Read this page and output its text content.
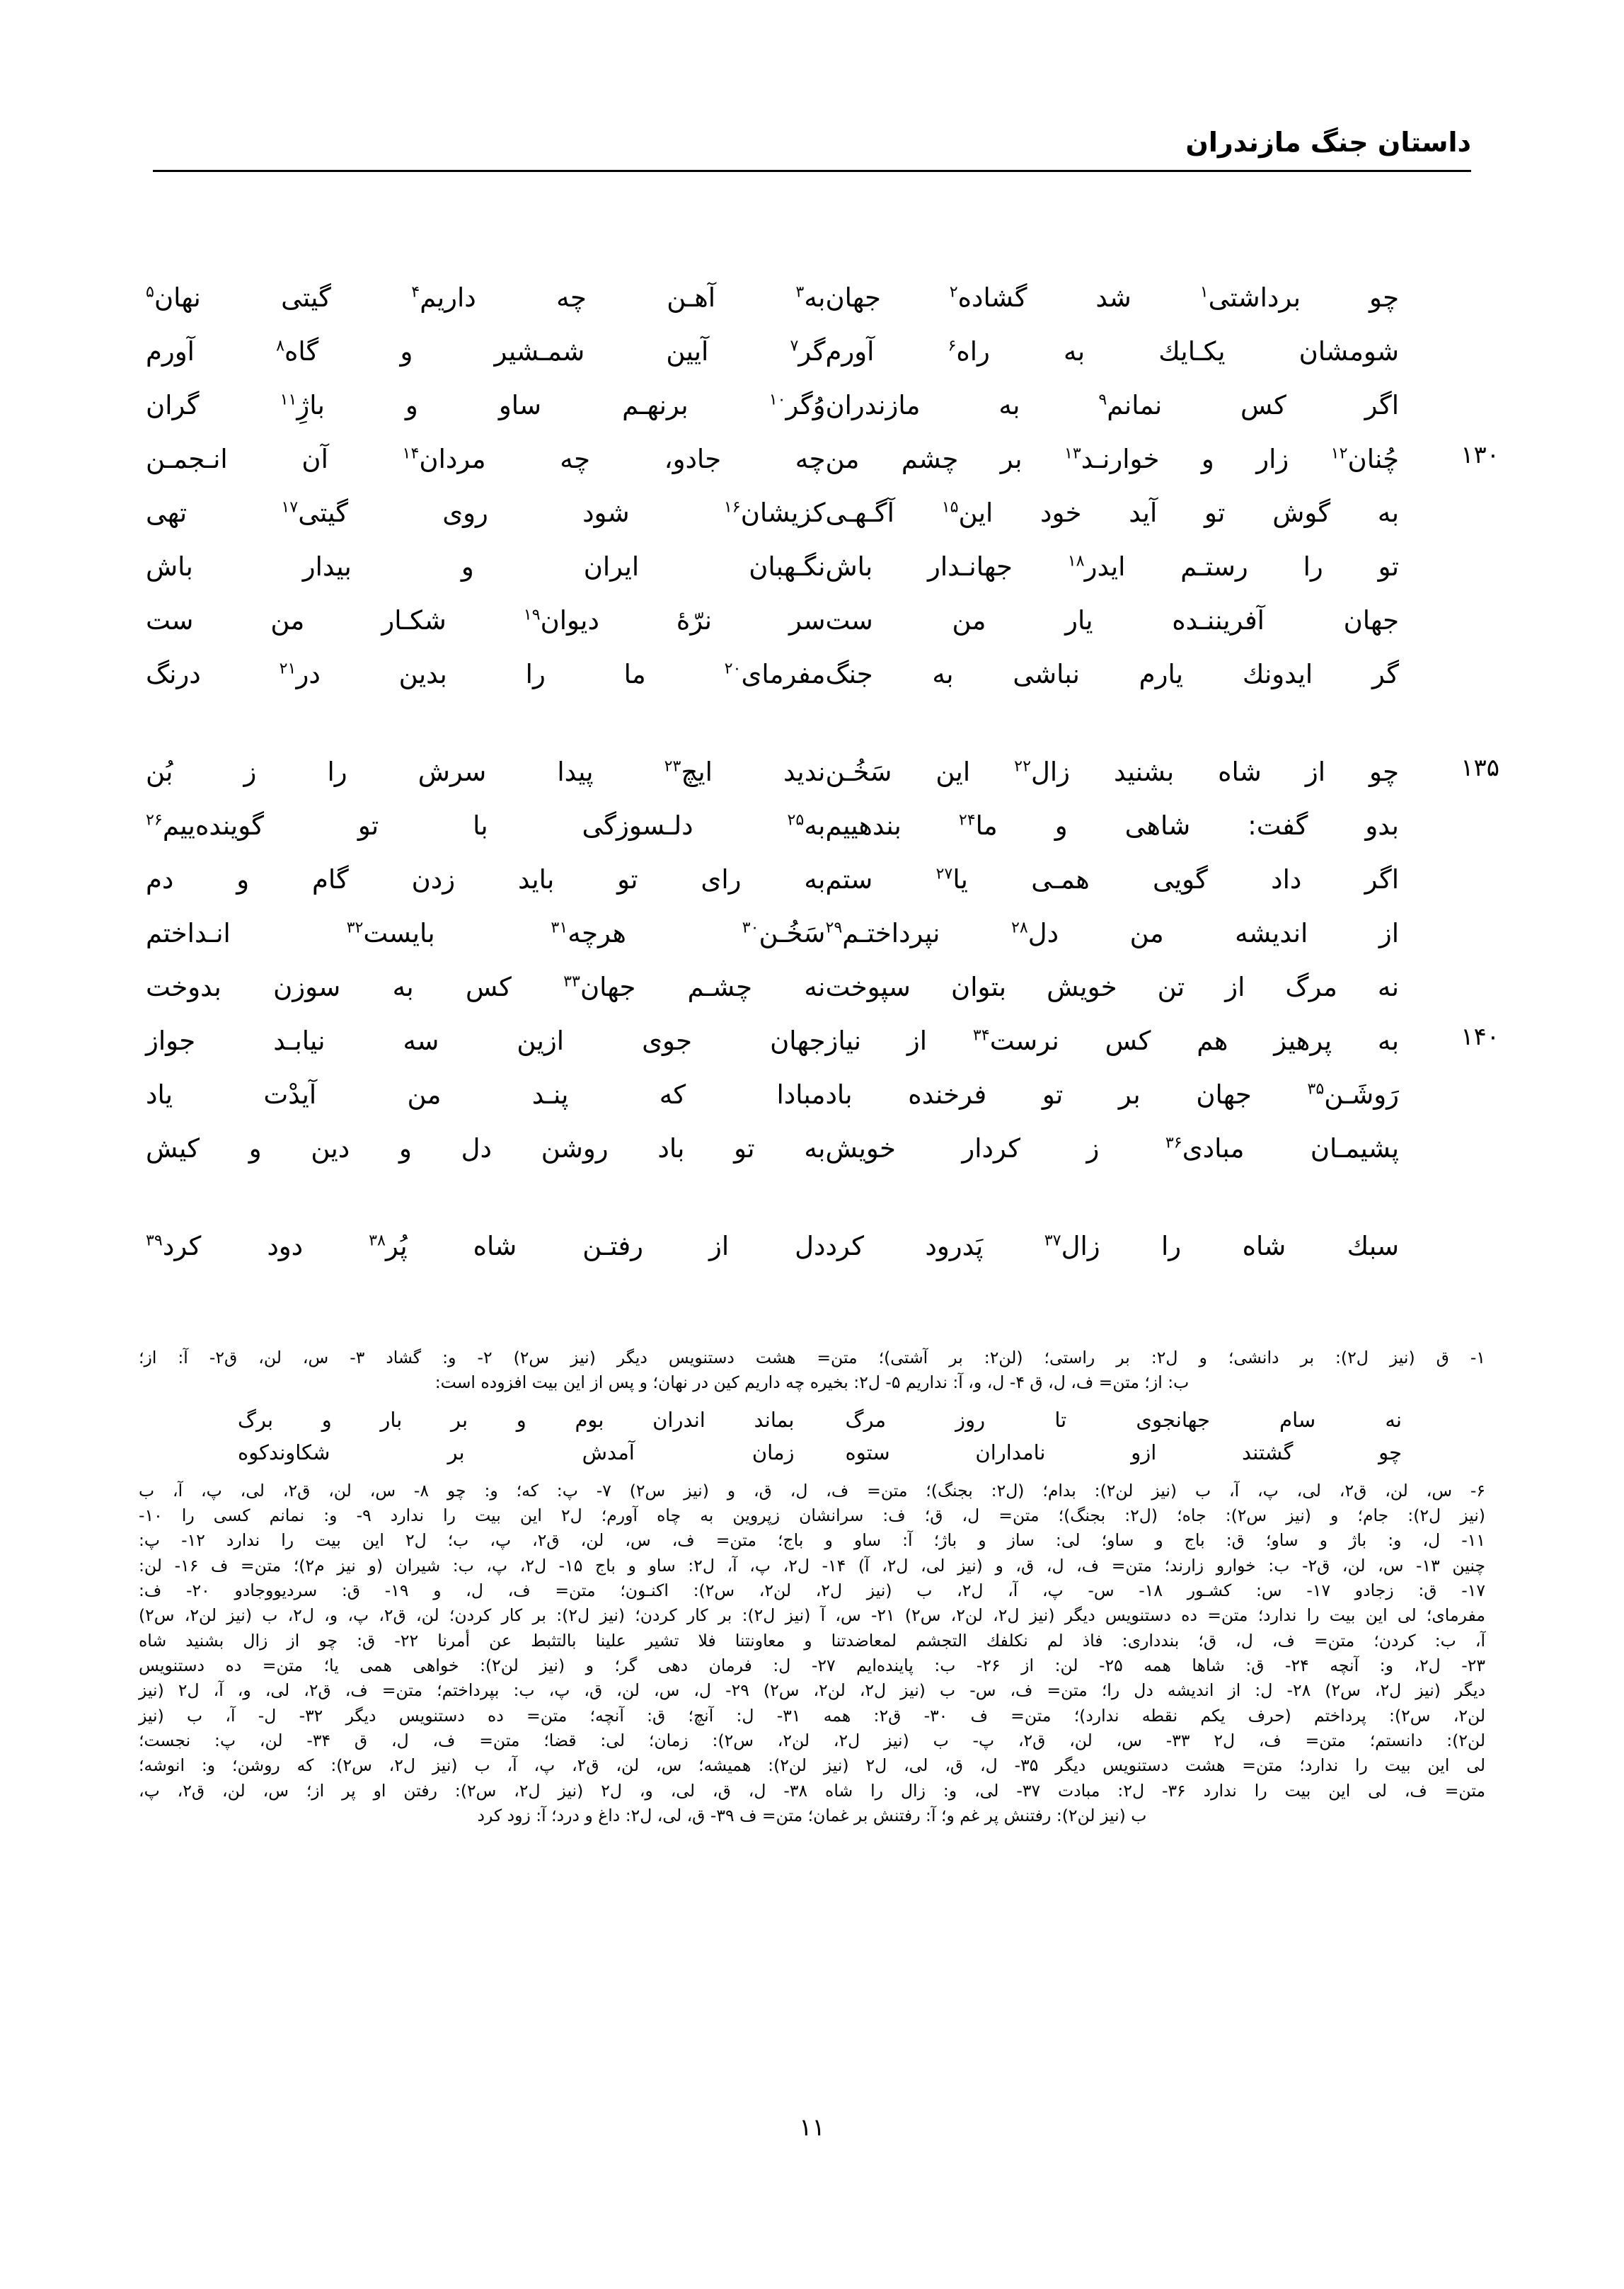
داستان جنگ مازندران
چو برداشتی$^۱$ شد گشاده$^۲$ جهان
به$^۳$ آهـن چه داریم$^۴$ گیتی نهان$^۵$
شومشان یکـایك به راه$^۶$ آورم
گر$^۷$ آیین شمـشیر و گاه$^۸$ آورم
اگر کس نمانم$^۹$ به مازندران
وُگر$^{۱۰}$ برنهـم ساو و باژِ$^{۱۱}$ گران
۱۳۰
چُنان$^{۱۲}$ زار و خوارنـد$^{۱۳}$ بر چشم من
چه جادو، چه مردان$^{۱۴}$ آن انـجمـن
به گوش تو آید خود این$^{۱۵}$ آگـهـی
کزیشان$^{۱۶}$ شود روی گیتی$^{۱۷}$ تهی
تو را رستـم ایدر$^{۱۸}$ جهانـدار باش
نگـهبان ایران و بیدار باش
جهان آفریننـده یار من ست
سر نرّهٔ دیوان$^{۱۹}$ شکـار من ست
گر ایدونك یارم نباشی به جنگ
مفرمای$^{۲۰}$ ما را بدین در$^{۲۱}$ درنگ
۱۳۵
چو از شاه بشنید زال$^{۲۲}$ این سَخُـن
ندید ایچ$^{۲۳}$ پیدا سرش را ز بُن
بدو گفت: شاهی و ما$^{۲۴}$ بندهییم
به$^{۲۵}$ دلـسوزگی با تو گوینده‌ییم$^{۲۶}$
اگر داد گویی همـی یا$^{۲۷}$ ستم
به رای تو باید زدن گام و دم
از اندیشه من دل$^{۲۸}$ نپرداختـم$^{۲۹}$
سَخُـن$^{۳۰}$ هرچه$^{۳۱}$ بایست$^{۳۲}$ انـداختم
نه مرگ از تن خویش بتوان سپوخت
نه چشـم جهان$^{۳۳}$ کس به سوزن بدوخت
۱۴۰
به پرهیز هم کس نرست$^{۳۴}$ از نیاز
جهان جوی ازین سه نیابـد جواز
رَوشَـن$^{۳۵}$ جهان بر تو فرخنده باد
مبادا که پنـد من آیدْت یاد
پشیمـان مبادی$^{۳۶}$ ز کردار خویش
به تو باد روشن دل و دین و کیش
سبك شاه را زال$^{۳۷}$ پَدرود کرد
دل از رفتـن شاه پُر$^{۳۸}$ دود کرد$^{۳۹}$
۱- ق (نیز ل۲): بر دانشی؛ و ل۲: بر راستی؛ (لن۲: بر آشتی)؛ متن= هشت دستنویس دیگر (نیز س۲) ۲- و: گشاد ۳- س، لن، ق۲- آ: از؛
ب: از؛ متن= ف، ل، ق ۴- ل، و، آ: نداریم ۵- ل۲: بخیره چه داریم کین در نهان؛ و پس از این بیت افزوده است:
نه سام جهانجوی تا روز مرگ
بماند اندران بوم و بر بار و برگ
چو گشتند ازو نامداران ستوه
زمان آمدش بر شکاوندکوه
۶- س، لن، ق۲، لی، پ، آ، ب (نیز لن۲): بدام؛ (ل۲: بجنگ)؛ متن= ف، ل، ق، و (نیز س۲) ۷- پ: که؛ و: چو ۸- س، لن، ق۲، لی، پ، آ، ب
(نیز ل۲): جام؛ و (نیز س۲): جاه؛ (ل۲: بجنگ)؛ متن= ل، ق؛ ف: سرانشان زپروین به چاه آورم؛ ل۲ این بیت را ندارد ۹- و: نمانم کسی را ۱۰-
۱۱- ل، و: باژ و ساو؛ ق: باج و ساو؛ لی: ساز و باژ؛ آ: ساو و باج؛ متن= ف، س، لن، ق۲، پ، ب؛ ل۲ این بیت را ندارد ۱۲- پ:
چنین ۱۳- س، لن، ق۲- ب: خوارو زارند؛ متن= ف، ل، ق، و (نیز لی، ل۲، آ) ۱۴- ل۲، پ، آ، ل۲: ساو و باج ۱۵- ل۲، پ، ب: شیران (و نیز م۲)؛ متن= ف ۱۶- لن:
۱۷- ق: زجادو ۱۷- س: کشـور ۱۸- س- پ، آ، ل۲، ب (نیز ل۲، لن۲، س۲): اکنـون؛ متن= ف، ل، و ۱۹- ق: سردیووجادو ۲۰- ف:
مفرمای؛ لی این بیت را ندارد؛ متن= ده دستنویس دیگر (نیز ل۲، لن۲، س۲) ۲۱- س، آ (نیز ل۲): بر کار کردن؛ (نیز ل۲): بر کار کردن؛ لن، ق۲، پ، و، ل۲، ب (نیز لن۲، س۲)
آ، ب: کردن؛ متن= ف، ل، ق؛ بندداری: فاذ لم نكلفك التجشم لمعاضدتنا و معاونتنا فلا تشیر علینا بالتثبط عن أمرنا ۲۲- ق: چو از زال بشنید شاه
۲۳- ل۲، و: آنچه ۲۴- ق: شاها همه ۲۵- لن: از ۲۶- ب: پاینده‌ایم ۲۷- ل: فرمان دهی گر؛ و (نیز لن۲): خواهی همی یا؛ متن= ده دستنویس
دیگر (نیز ل۲، س۲) ۲۸- ل: از اندیشه دل را؛ متن= ف، س- ب (نیز ل۲، لن۲، س۲) ۲۹- ل، س، لن، ق، پ، ب: بپرداختم؛ متن= ف، ق۲، لی، و، آ، ل۲ (نیز
لن۲، س۲): پرداختم (حرف یکم نقطه ندارد)؛ متن= ف ۳۰- ق۲: همه ۳۱- ل: آنچ؛ ق: آنچه؛ متن= ده دستنویس دیگر ۳۲- ل- آ، ب (نیز
لن۲): دانستم؛ متن= ف، ل۲ ۳۳- س، لن، ق۲، پ- ب (نیز ل۲، لن۲، س۲): زمان؛ لی: قضا؛ متن= ف، ل، ق ۳۴- لن، پ: نجست؛
لی این بیت را ندارد؛ متن= هشت دستنویس دیگر ۳۵- ل، ق، لی، ل۲ (نیز لن۲): همیشه؛ س، لن، ق۲، پ، آ، ب (نیز ل۲، س۲): که روشن؛ و: انوشه؛
متن= ف، لی این بیت را ندارد ۳۶- ل۲: مبادت ۳۷- لی، و: زال را شاه ۳۸- ل، ق، لی، و، ل۲ (نیز ل۲، س۲): رفتن او پر از؛ س، لن، ق۲، پ،
ب (نیز لن۲): رفتنش پر غم و؛ آ: رفتنش بر غمان؛ متن= ف ۳۹- ق، لی، ل۲: داغ و درد؛ آ: زود کرد
۱۱
